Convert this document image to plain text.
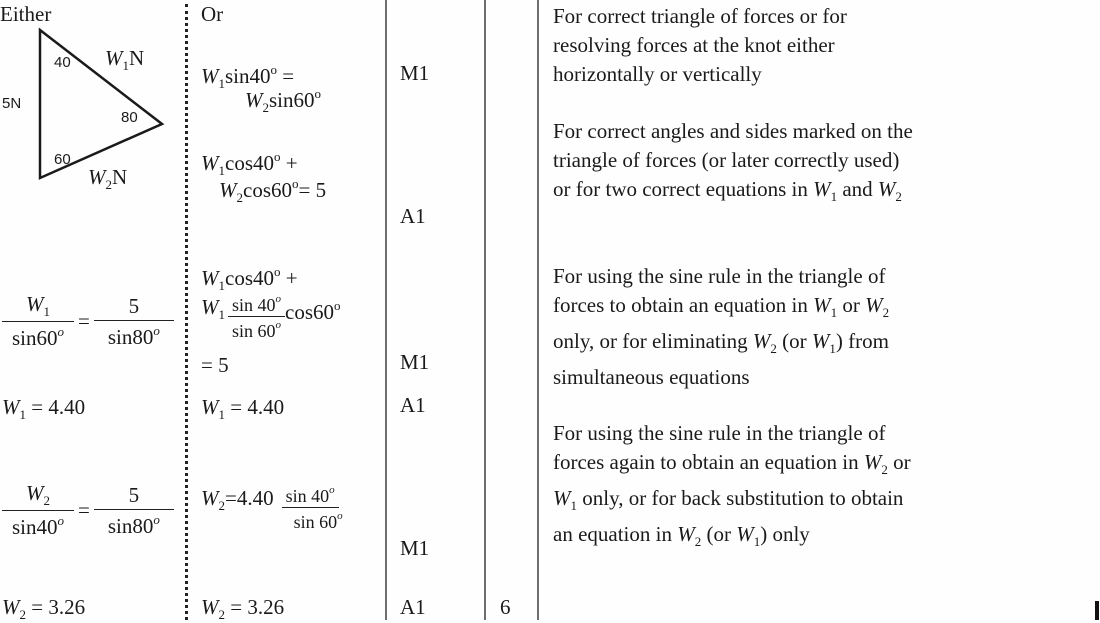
Either
40
80
60
5N
$W_1N$
$W_2N$
$\frac{W_1}{\sin 60^o} = \frac{5}{\sin 80^o}$
$W_1 = 4.40$
$\frac{W_2}{\sin 40^o} = \frac{5}{\sin 80^o}$
$W_2 = 3.26$
Or
$W_1\sin 40^o$ =
$W_2\sin 60^o$
$W_1\cos 40^o$ +
$W_2\cos 60^o= 5$
$W_1\cos 40^o$ +
$W_1 \frac{\sin 40^o}{\sin 60^o} \cos 60^o$
= 5
$W_1 = 4.40$
$W_2=4.40 \frac{\sin 40^o}{\sin 60^o}$
$W_2 = 3.26$
M1
A1
M1
A1
M1
A1	6
For correct triangle of forces or for resolving forces at the knot either horizontally or vertically
For correct angles and sides marked on the triangle of forces (or later correctly used) or for two correct equations in $W_1$ and $W_2$
For using the sine rule in the triangle of forces to obtain an equation in $W_1$ or $W_2$ only, or for eliminating $W_2$ (or $W_1$) from simultaneous equations
For using the sine rule in the triangle of forces again to obtain an equation in $W_2$ or $W_1$ only, or for back substitution to obtain an equation in $W_2$ (or $W_1$) only
